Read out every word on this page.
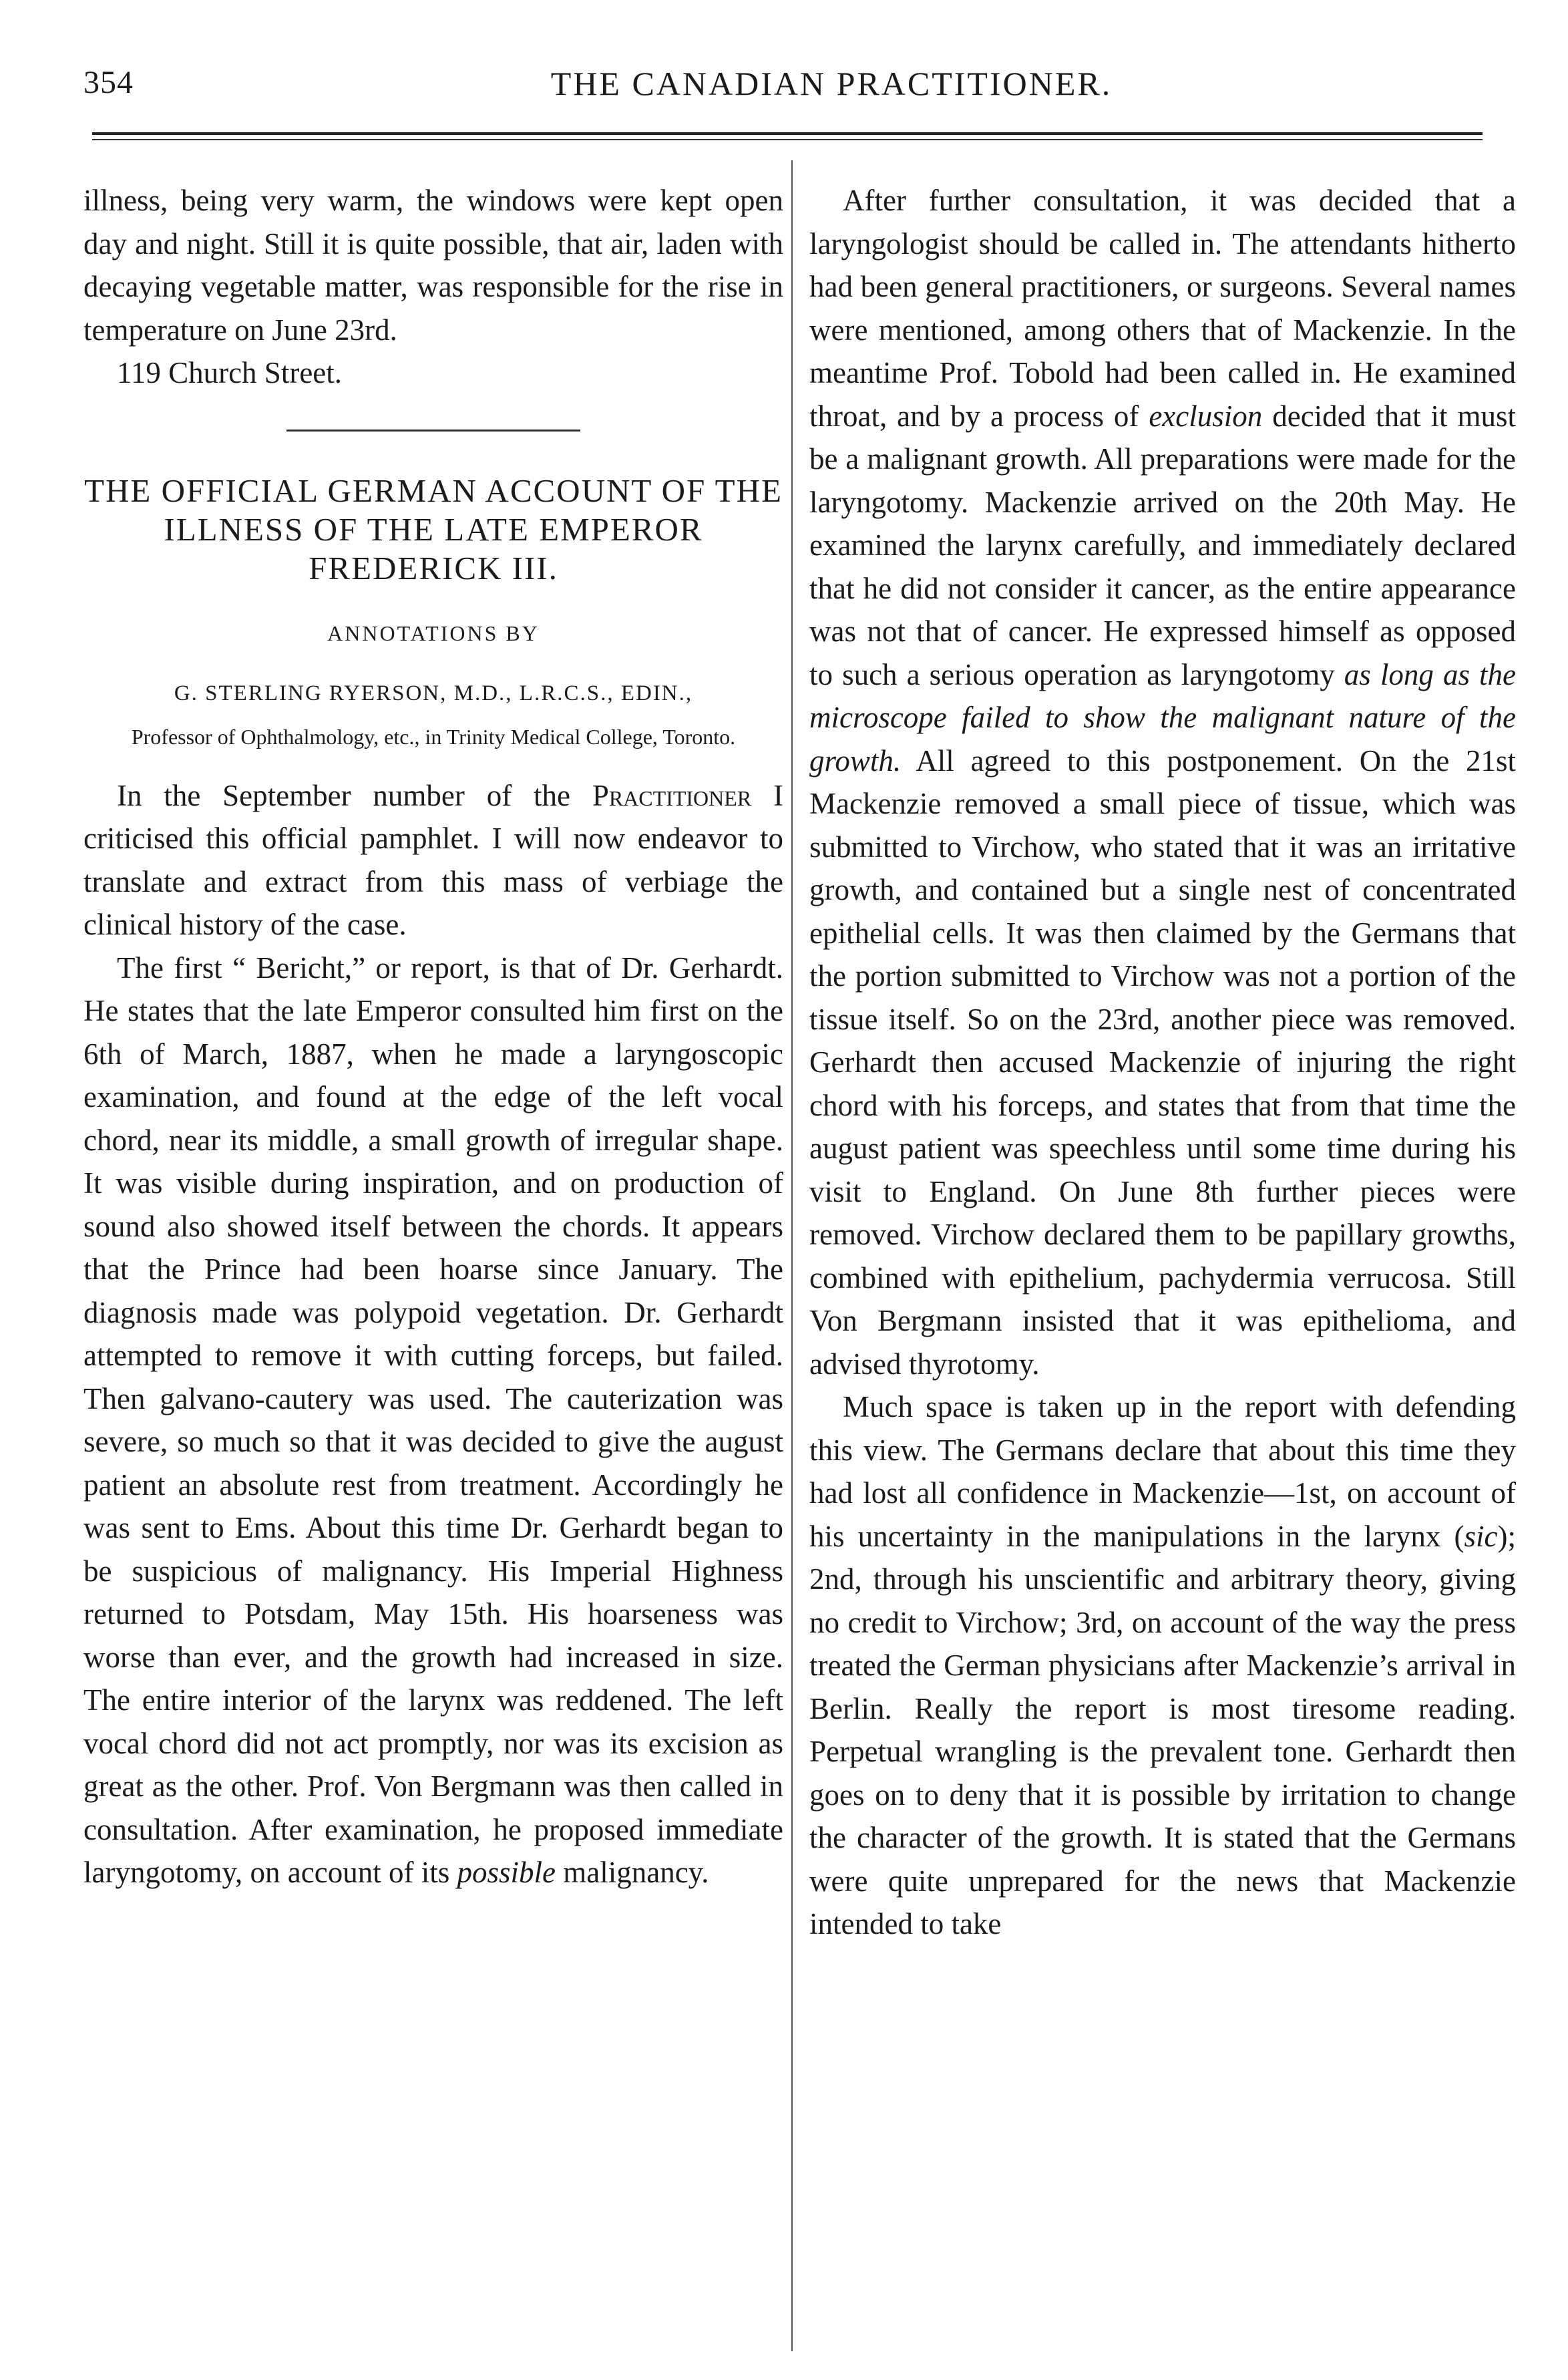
354	THE CANADIAN PRACTITIONER.

illness, being very warm, the windows were kept open day and night. Still it is quite possible, that air, laden with decaying vegetable matter, was responsible for the rise in temperature on June 23rd.

119 Church Street.

THE OFFICIAL GERMAN ACCOUNT OF THE ILLNESS OF THE LATE EMPEROR FREDERICK III.
ANNOTATIONS BY
G. STERLING RYERSON, M.D., L.R.C.S., EDIN.,
Professor of Ophthalmology, etc., in Trinity Medical College, Toronto.

In the September number of the Practitioner I criticised this official pamphlet. I will now endeavor to translate and extract from this mass of verbiage the clinical history of the case.

The first “ Bericht,” or report, is that of Dr. Gerhardt. He states that the late Emperor consulted him first on the 6th of March, 1887, when he made a laryngoscopic examination, and found at the edge of the left vocal chord, near its middle, a small growth of irregular shape. It was visible during inspiration, and on production of sound also showed itself between the chords. It appears that the Prince had been hoarse since January. The diagnosis made was polypoid vegetation. Dr. Gerhardt attempted to remove it with cutting forceps, but failed. Then galvano-cautery was used. The cauterization was severe, so much so that it was decided to give the august patient an absolute rest from treatment. Accordingly he was sent to Ems. About this time Dr. Gerhardt began to be suspicious of malignancy. His Imperial Highness returned to Potsdam, May 15th. His hoarseness was worse than ever, and the growth had increased in size. The entire interior of the larynx was reddened. The left vocal chord did not act promptly, nor was its excision as great as the other. Prof. Von Bergmann was then called in consultation. After examination, he proposed immediate laryngotomy, on account of its possible malignancy.

After further consultation, it was decided that a laryngologist should be called in. The attendants hitherto had been general practitioners, or surgeons. Several names were mentioned, among others that of Mackenzie. In the meantime Prof. Tobold had been called in. He examined throat, and by a process of exclusion decided that it must be a malignant growth. All preparations were made for the laryngotomy. Mackenzie arrived on the 20th May. He examined the larynx carefully, and immediately declared that he did not consider it cancer, as the entire appearance was not that of cancer. He expressed himself as opposed to such a serious operation as laryngotomy as long as the microscope failed to show the malignant nature of the growth. All agreed to this postponement. On the 21st Mackenzie removed a small piece of tissue, which was submitted to Virchow, who stated that it was an irritative growth, and contained but a single nest of concentrated epithelial cells. It was then claimed by the Germans that the portion submitted to Virchow was not a portion of the tissue itself. So on the 23rd, another piece was removed. Gerhardt then accused Mackenzie of injuring the right chord with his forceps, and states that from that time the august patient was speechless until some time during his visit to England. On June 8th further pieces were removed. Virchow declared them to be papillary growths, combined with epithelium, pachydermia verrucosa. Still Von Bergmann insisted that it was epithelioma, and advised thyrotomy.

Much space is taken up in the report with defending this view. The Germans declare that about this time they had lost all confidence in Mackenzie—1st, on account of his uncertainty in the manipulations in the larynx (sic); 2nd, through his unscientific and arbitrary theory, giving no credit to Virchow; 3rd, on account of the way the press treated the German physicians after Mackenzie’s arrival in Berlin. Really the report is most tiresome reading. Perpetual wrangling is the prevalent tone. Gerhardt then goes on to deny that it is possible by irritation to change the character of the growth. It is stated that the Germans were quite unprepared for the news that Mackenzie intended to take
